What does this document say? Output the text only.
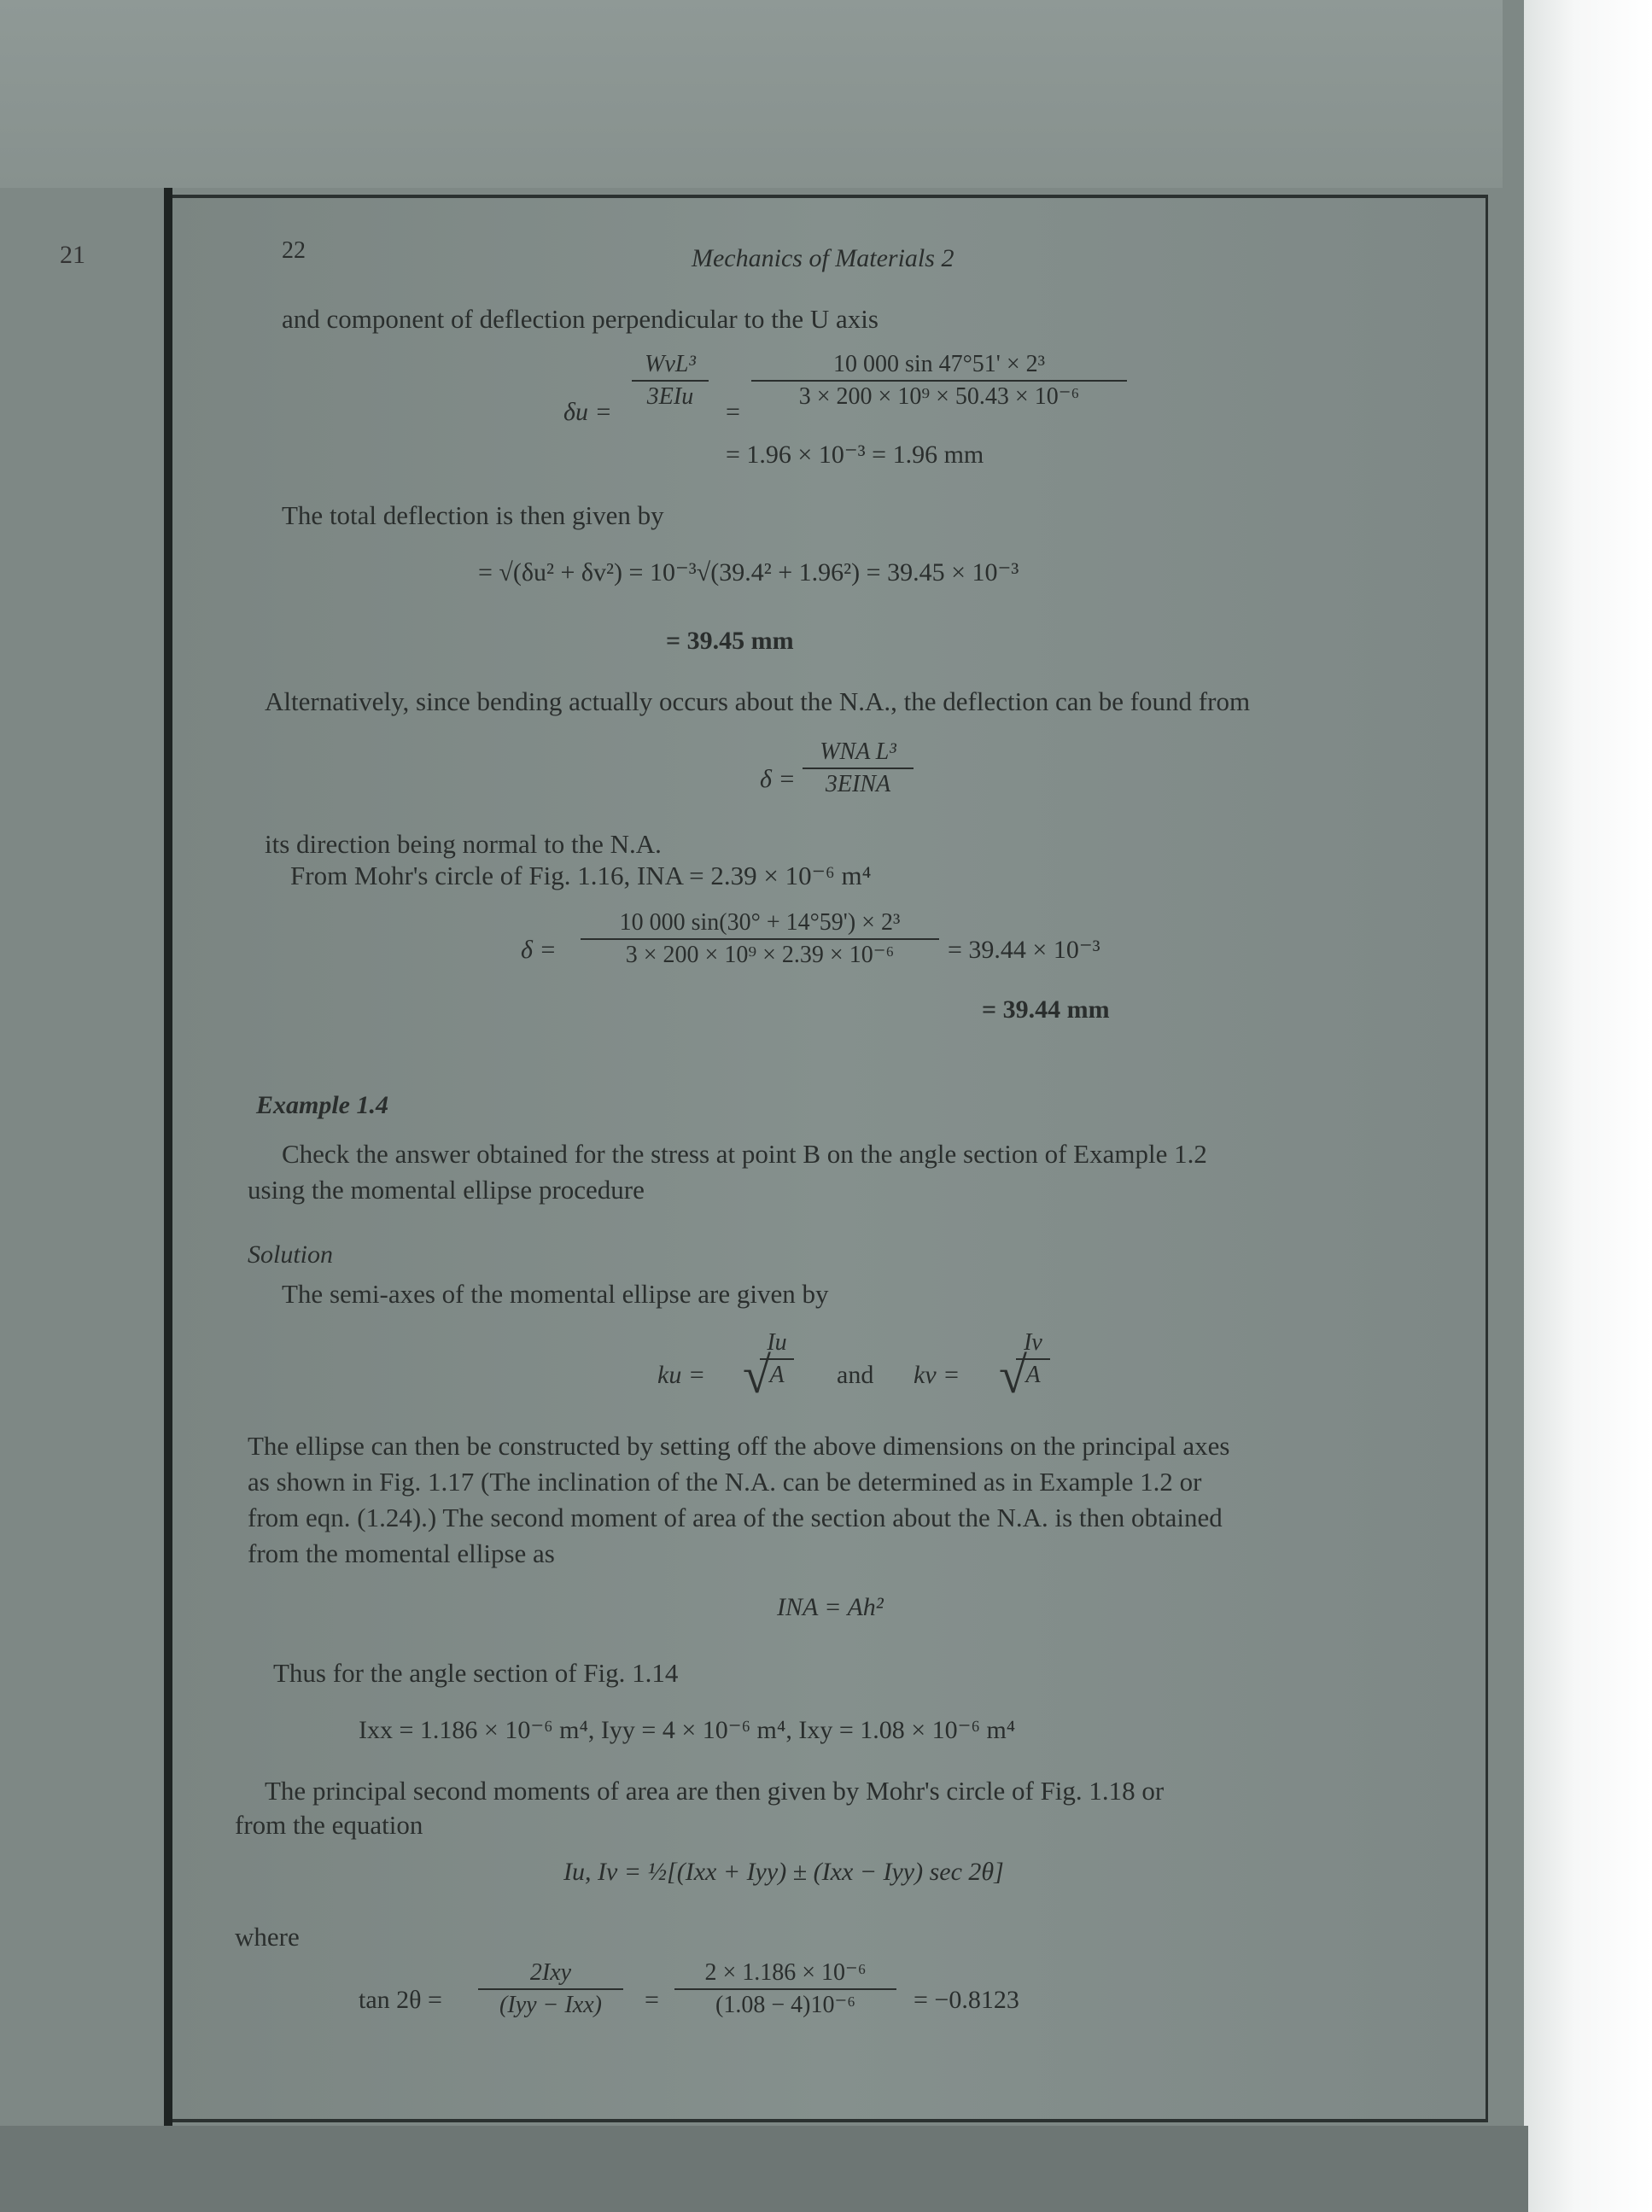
21	22	Mechanics of Materials 2
and component of deflection perpendicular to the U axis
δu =
WvL³
3EIu
=
10 000 sin 47°51' × 2³
3 × 200 × 10⁹ × 50.43 × 10⁻⁶
= 1.96 × 10⁻³ = 1.96 mm
The total deflection is then given by
= √(δu² + δv²) = 10⁻³√(39.4² + 1.96²) = 39.45 × 10⁻³
= 39.45 mm
Alternatively, since bending actually occurs about the N.A., the deflection can be found from
δ =
WNA L³
3EINA
its direction being normal to the N.A.
From Mohr's circle of Fig. 1.16, INA = 2.39 × 10⁻⁶ m⁴
δ =
10 000 sin(30° + 14°59') × 2³
3 × 200 × 10⁹ × 2.39 × 10⁻⁶	= 39.44 × 10⁻³
= 39.44 mm
Example 1.4
Check the answer obtained for the stress at point B on the angle section of Example 1.2
using the momental ellipse procedure
Solution
The semi-axes of the momental ellipse are given by
ku =
Iu
A
√	and kv =
Iv
A
√
The ellipse can then be constructed by setting off the above dimensions on the principal axes
as shown in Fig. 1.17 (The inclination of the N.A. can be determined as in Example 1.2 or
from eqn. (1.24).) The second moment of area of the section about the N.A. is then obtained
from the momental ellipse as
INA = Ah²
Thus for the angle section of Fig. 1.14
Ixx = 1.186 × 10⁻⁶ m⁴, Iyy = 4 × 10⁻⁶ m⁴, Ixy = 1.08 × 10⁻⁶ m⁴
The principal second moments of area are then given by Mohr's circle of Fig. 1.18 or
from the equation
Iu, Iv = ½[(Ixx + Iyy) ± (Ixx − Iyy) sec 2θ]
where
tan 2θ =
2Ixy
(Iyy − Ixx)	=
2 × 1.186 × 10⁻⁶
(1.08 − 4)10⁻⁶	= −0.8123
